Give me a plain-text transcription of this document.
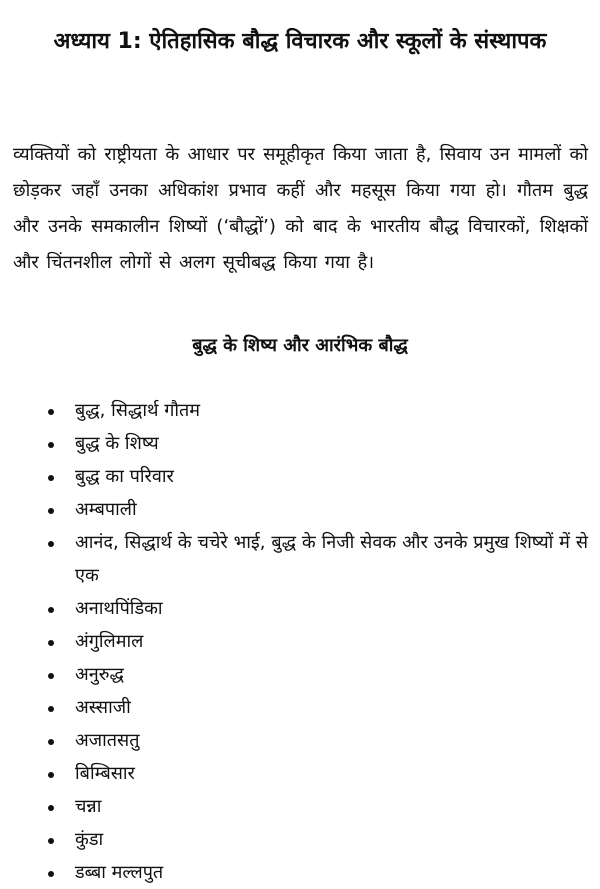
अध्याय 1: ऐतिहासिक बौद्ध विचारक और स्कूलों के संस्थापक

व्यक्तियों को राष्ट्रीयता के आधार पर समूहीकृत किया जाता है, सिवाय उन मामलों को छोड़कर जहाँ उनका अधिकांश प्रभाव कहीं और महसूस किया गया हो। गौतम बुद्ध और उनके समकालीन शिष्यों (‘बौद्धों’) को बाद के भारतीय बौद्ध विचारकों, शिक्षकों और चिंतनशील लोगों से अलग सूचीबद्ध किया गया है।

बुद्ध के शिष्य और आरंभिक बौद्ध
बुद्ध, सिद्धार्थ गौतम
बुद्ध के शिष्य
बुद्ध का परिवार
अम्बपाली
आनंद, सिद्धार्थ के चचेरे भाई, बुद्ध के निजी सेवक और उनके प्रमुख शिष्यों में से एक
अनाथपिंडिका
अंगुलिमाल
अनुरुद्ध
अस्साजी
अजातसतु
बिम्बिसार
चन्ना
कुंडा
डब्बा मल्लपुत
